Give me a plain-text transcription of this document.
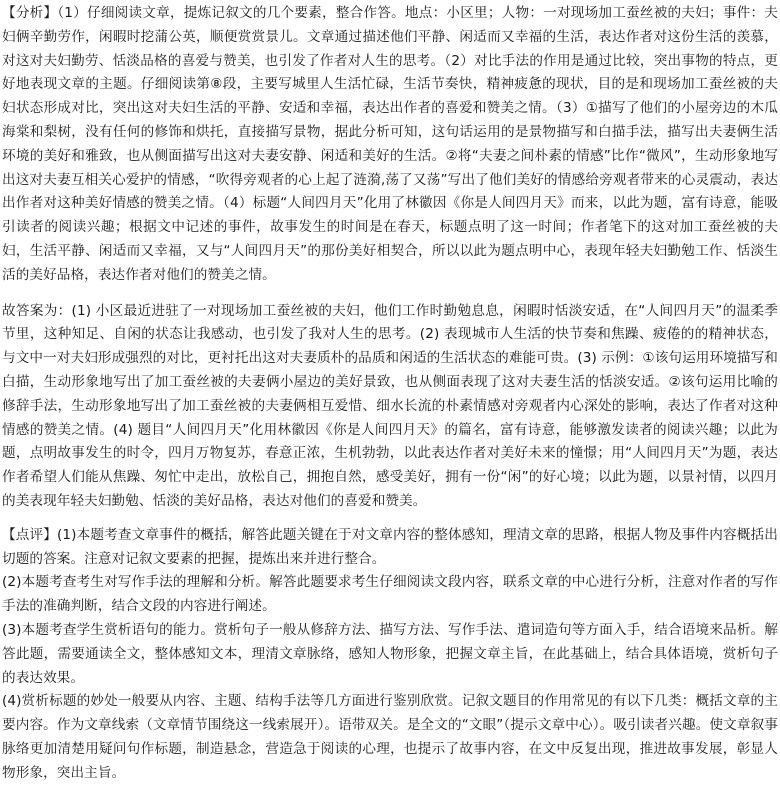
【分析】（1）仔细阅读文章，提炼记叙文的几个要素，整合作答。地点：小区里；人物：一对现场加工蚕丝被的夫妇；事件：夫妇俩辛勤劳作，闲暇时挖蒲公英，顺便赏赏景儿。文章通过描述他们平静、闲适而又幸福的生活，表达作者对这份生活的羡慕，对这对夫妇勤劳、恬淡品格的喜爱与赞美，也引发了作者对人生的思考。（2）对比手法的作用是通过比较，突出事物的特点，更好地表现文章的主题。仔细阅读第⑧段，主要写城里人生活忙碌，生活节奏快，精神疲惫的现状，目的是和现场加工蚕丝被的夫妇状态形成对比，突出这对夫妇生活的平静、安适和幸福，表达出作者的喜爱和赞美之情。（3）①描写了他们的小屋旁边的木瓜海棠和梨树，没有任何的修饰和烘托，直接描写景物，据此分析可知，这句话运用的是景物描写和白描手法，描写出夫妻俩生活环境的美好和雅致，也从侧面描写出这对夫妻安静、闲适和美好的生活。②将“夫妻之间朴素的情感”比作“微风”，生动形象地写出这对夫妻互相关心爱护的情感，“吹得旁观者的心上起了涟漪,荡了又荡”写出了他们美好的情感给旁观者带来的心灵震动，表达出作者对这种美好情感的赞美之情。（4）标题“人间四月天”化用了林徽因《你是人间四月天》而来，以此为题，富有诗意，能吸引读者的阅读兴趣；根据文中记述的事件，故事发生的时间是在春天，标题点明了这一时间；作者笔下的这对加工蚕丝被的夫妇，生活平静、闲适而又幸福，又与“人间四月天”的那份美好相契合，所以以此为题点明中心，表现年轻夫妇勤勉工作、恬淡生活的美好品格，表达作者对他们的赞美之情。

故答案为：(1) 小区最近进驻了一对现场加工蚕丝被的夫妇，他们工作时勤勉息息，闲暇时恬淡安适，在“人间四月天”的温柔季节里，这种知足、自闲的状态让我感动，也引发了我对人生的思考。(2) 表现城市人生活的快节奏和焦躁、疲倦的的精神状态，与文中一对夫妇形成强烈的对比，更衬托出这对夫妻质朴的品质和闲适的生活状态的难能可贵。(3) 示例：①该句运用环境描写和白描，生动形象地写出了加工蚕丝被的夫妻俩小屋边的美好景致，也从侧面表现了这对夫妻生活的恬淡安适。②该句运用比喻的修辞手法，生动形象地写出了加工蚕丝被的夫妻俩相互爱惜、细水长流的朴素情感对旁观者内心深处的影响，表达了作者对这种情感的赞美之情。(4) 题目“人间四月天”化用林徽因《你是人间四月天》的篇名，富有诗意，能够激发读者的阅读兴趣；以此为题，点明故事发生的时令，四月万物复苏，春意正浓，生机勃勃，以此表达作者对美好未来的憧憬；用“人间四月天”为题，表达作者希望人们能从焦躁、匆忙中走出，放松自己，拥抱自然，感受美好，拥有一份“闲”的好心境；以此为题，以景衬情，以四月的美表现年轻夫妇勤勉、恬淡的美好品格，表达对他们的喜爱和赞美。

【点评】(1)本题考查文章事件的概括，解答此题关键在于对文章内容的整体感知，理清文章的思路，根据人物及事件内容概括出切题的答案。注意对记叙文要素的把握，提炼出来并进行整合。

(2)本题考查考生对写作手法的理解和分析。解答此题要求考生仔细阅读文段内容，联系文章的中心进行分析，注意对作者的写作手法的准确判断，结合文段的内容进行阐述。

(3)本题考查学生赏析语句的能力。赏析句子一般从修辞方法、描写方法、写作手法、遣词造句等方面入手，结合语境来品析。解答此题，需要通读全文，整体感知文本，理清文章脉络，感知人物形象，把握文章主旨，在此基础上，结合具体语境，赏析句子的表达效果。

(4)赏析标题的妙处一般要从内容、主题、结构手法等几方面进行鉴别欣赏。记叙文题目的作用常见的有以下几类：概括文章的主要内容。作为文章线索（文章情节围绕这一线索展开）。语带双关。是全文的“文眼”（提示文章中心）。吸引读者兴趣。使文章叙事脉络更加清楚用疑问句作标题，制造悬念，营造急于阅读的心理，也提示了故事内容，在文中反复出现，推进故事发展，彰显人物形象，突出主旨。
